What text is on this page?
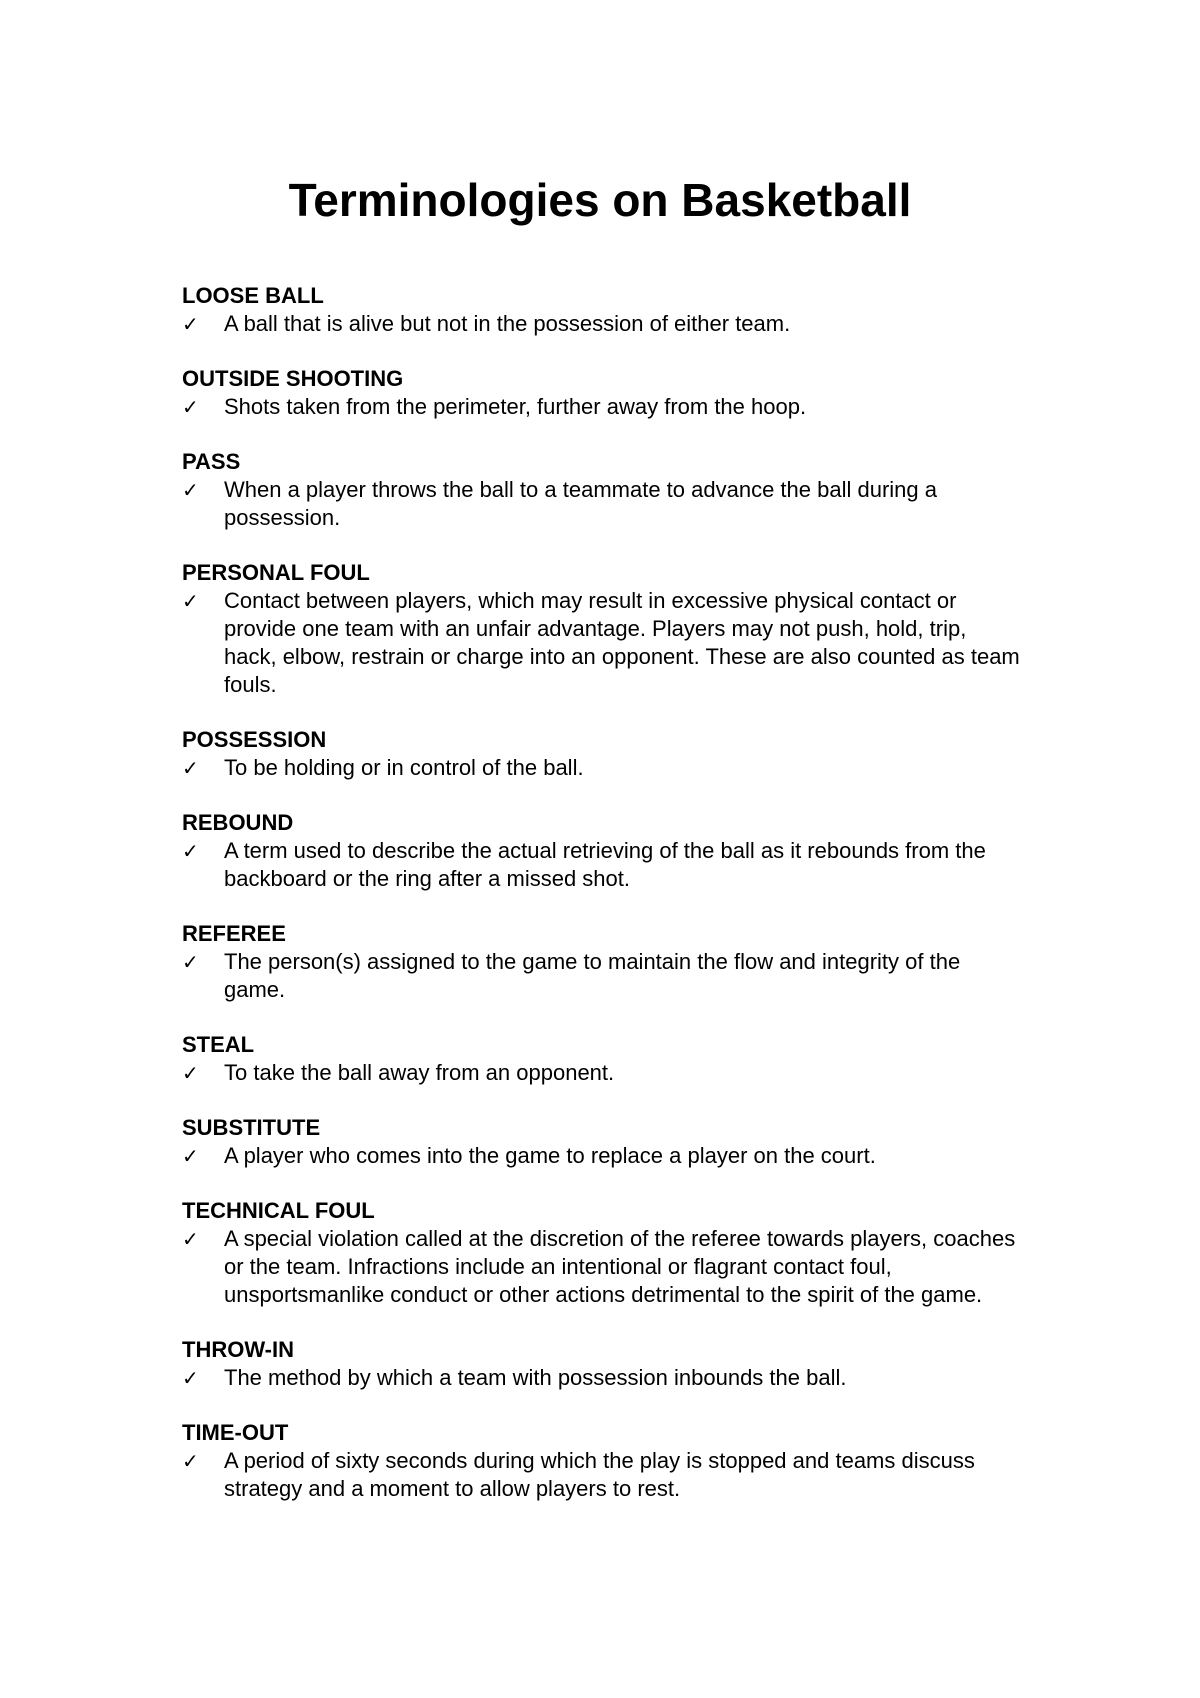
Terminologies on Basketball

LOOSE BALL

✓	A ball that is alive but not in the possession of either team.

OUTSIDE SHOOTING

✓	Shots taken from the perimeter, further away from the hoop.

PASS

✓	When a player throws the ball to a teammate to advance the ball during a possession.

PERSONAL FOUL

✓	Contact between players, which may result in excessive physical contact or provide one team with an unfair advantage. Players may not push, hold, trip, hack, elbow, restrain or charge into an opponent. These are also counted as team fouls.

POSSESSION

✓	To be holding or in control of the ball.

REBOUND

✓	A term used to describe the actual retrieving of the ball as it rebounds from the backboard or the ring after a missed shot.

REFEREE

✓	The person(s) assigned to the game to maintain the flow and integrity of the game.

STEAL

✓	To take the ball away from an opponent.

SUBSTITUTE

✓	A player who comes into the game to replace a player on the court.

TECHNICAL FOUL

✓	A special violation called at the discretion of the referee towards players, coaches or the team. Infractions include an intentional or flagrant contact foul, unsportsmanlike conduct or other actions detrimental to the spirit of the game.

THROW-IN

✓	The method by which a team with possession inbounds the ball.

TIME-OUT

✓	A period of sixty seconds during which the play is stopped and teams discuss strategy and a moment to allow players to rest.
